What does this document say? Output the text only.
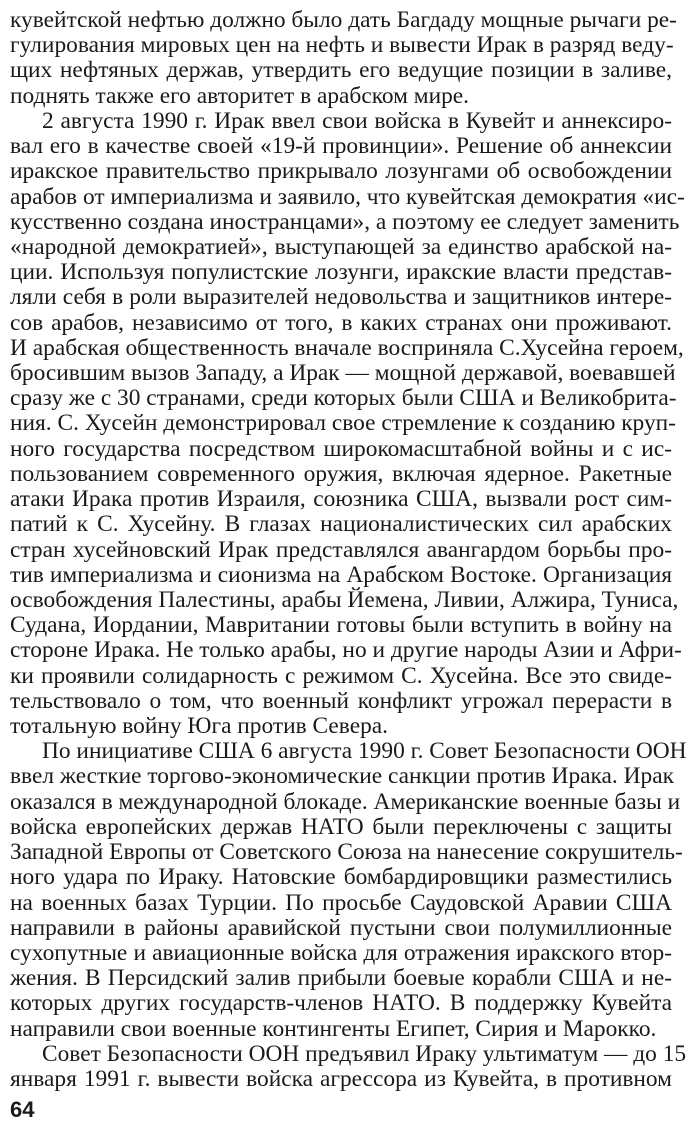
кувейтской нефтью должно было дать Багдаду мощные рычаги ре-
гулирования мировых цен на нефть и вывести Ирак в разряд веду-
щих нефтяных держав, утвердить его ведущие позиции в заливе,
поднять также его авторитет в арабском мире.
2 августа 1990 г. Ирак ввел свои войска в Кувейт и аннексиро-
вал его в качестве своей «19-й провинции». Решение об аннексии
иракское правительство прикрывало лозунгами об освобождении
арабов от империализма и заявило, что кувейтская демократия «ис-
кусственно создана иностранцами», а поэтому ее следует заменить
«народной демократией», выступающей за единство арабской на-
ции. Используя популистские лозунги, иракские власти представ-
ляли себя в роли выразителей недовольства и защитников интере-
сов арабов, независимо от того, в каких странах они проживают.
И арабская общественность вначале восприняла С.Хусейна героем,
бросившим вызов Западу, а Ирак — мощной державой, воевавшей
сразу же с 30 странами, среди которых были США и Великобрита-
ния. С. Хусейн демонстрировал свое стремление к созданию круп-
ного государства посредством широкомасштабной войны и с ис-
пользованием современного оружия, включая ядерное. Ракетные
атаки Ирака против Израиля, союзника США, вызвали рост сим-
патий к С. Хусейну. В глазах националистических сил арабских
стран хусейновский Ирак представлялся авангардом борьбы про-
тив империализма и сионизма на Арабском Востоке. Организация
освобождения Палестины, арабы Йемена, Ливии, Алжира, Туниса,
Судана, Иордании, Мавритании готовы были вступить в войну на
стороне Ирака. Не только арабы, но и другие народы Азии и Афри-
ки проявили солидарность с режимом С. Хусейна. Все это свиде-
тельствовало о том, что военный конфликт угрожал перерасти в
тотальную войну Юга против Севера.
По инициативе США 6 августа 1990 г. Совет Безопасности ООН
ввел жесткие торгово-экономические санкции против Ирака. Ирак
оказался в международной блокаде. Американские военные базы и
войска европейских держав НАТО были переключены с защиты
Западной Европы от Советского Союза на нанесение сокрушитель-
ного удара по Ираку. Натовские бомбардировщики разместились
на военных базах Турции. По просьбе Саудовской Аравии США
направили в районы аравийской пустыни свои полумиллионные
сухопутные и авиационные войска для отражения иракского втор-
жения. В Персидский залив прибыли боевые корабли США и не-
которых других государств-членов НАТО. В поддержку Кувейта
направили свои военные контингенты Египет, Сирия и Марокко.
Совет Безопасности ООН предъявил Ираку ультиматум — до 15
января 1991 г. вывести войска агрессора из Кувейта, в противном
64
